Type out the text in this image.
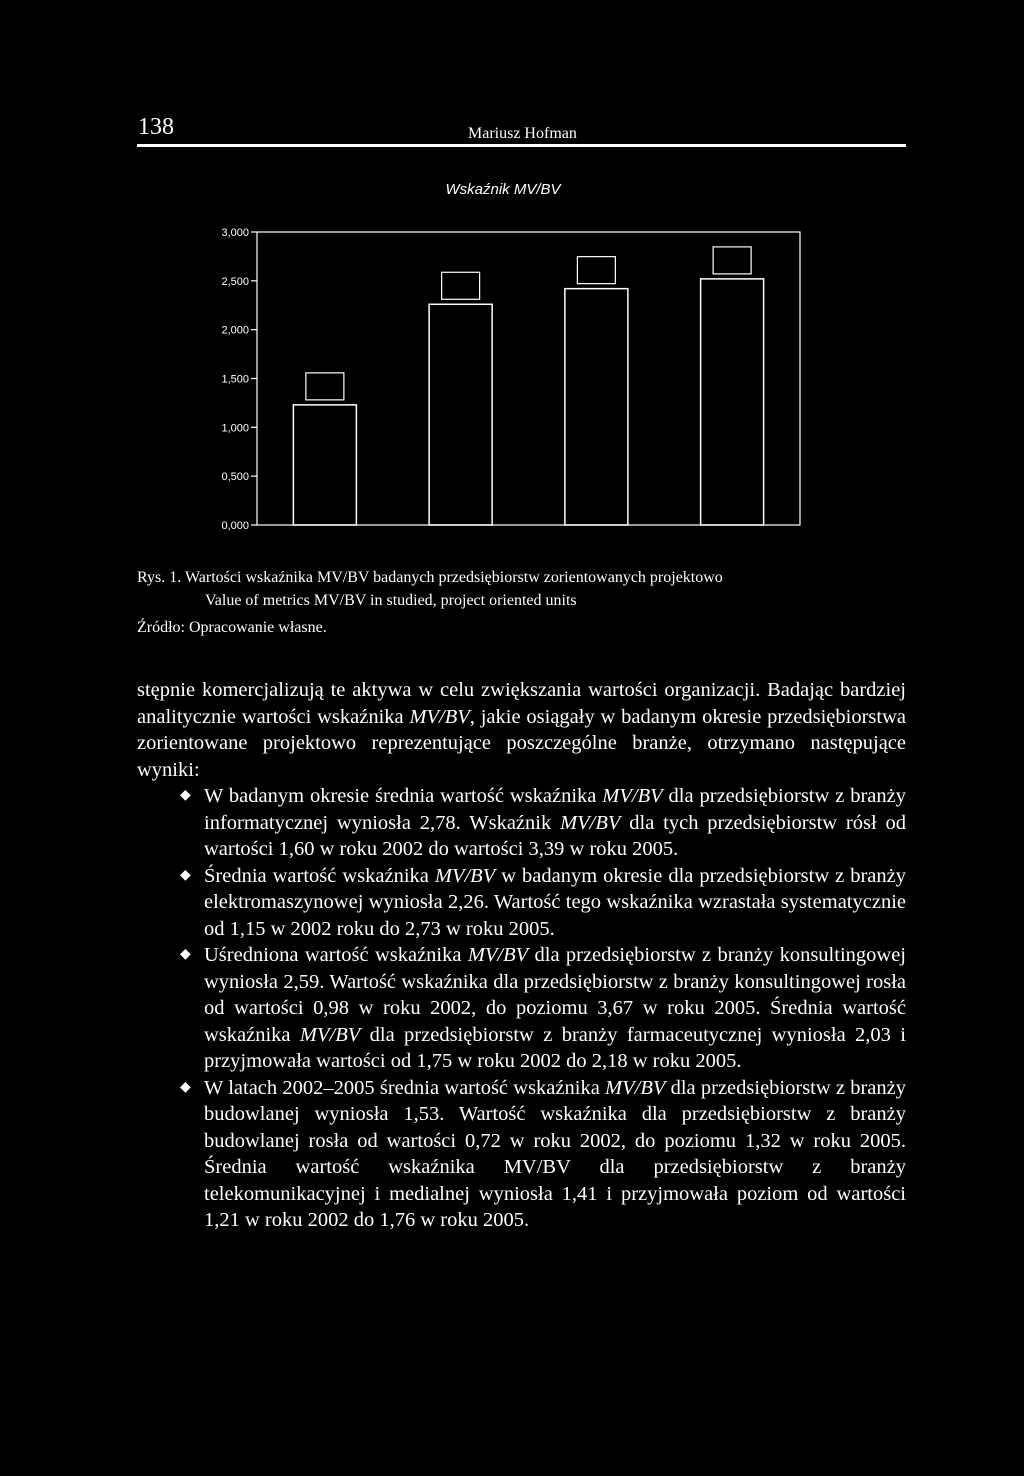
138	Mariusz Hofman
Wskaźnik MV/BV
0,000
0,500
1,000
1,500
2,000
2,500
3,000
Rys. 1. Wartości wskaźnika MV/BV badanych przedsiębiorstw zorientowanych projektowo
Value of metrics MV/BV in studied, project oriented units
Źródło: Opracowanie własne.

stępnie komercjalizują te aktywa w celu zwiększania wartości organizacji. Badając bardziej analitycznie wartości wskaźnika MV/BV, jakie osiągały w badanym okresie przedsiębiorstwa zorientowane projektowo reprezentujące poszczególne branże, otrzymano następujące wyniki:

◆ W badanym okresie średnia wartość wskaźnika MV/BV dla przedsiębiorstw z branży informatycznej wyniosła 2,78. Wskaźnik MV/BV dla tych przedsiębiorstw rósł od wartości 1,60 w roku 2002 do wartości 3,39 w roku 2005.
◆ Średnia wartość wskaźnika MV/BV w badanym okresie dla przedsiębiorstw z branży elektromaszynowej wyniosła 2,26. Wartość tego wskaźnika wzrastała systematycznie od 1,15 w 2002 roku do 2,73 w roku 2005.
◆ Uśredniona wartość wskaźnika MV/BV dla przedsiębiorstw z branży konsultingowej wyniosła 2,59. Wartość wskaźnika dla przedsiębiorstw z branży konsultingowej rosła od wartości 0,98 w roku 2002, do poziomu 3,67 w roku 2005. Średnia wartość wskaźnika MV/BV dla przedsiębiorstw z branży farmaceutycznej wyniosła 2,03 i przyjmowała wartości od 1,75 w roku 2002 do 2,18 w roku 2005.
◆ W latach 2002–2005 średnia wartość wskaźnika MV/BV dla przedsiębiorstw z branży budowlanej wyniosła 1,53. Wartość wskaźnika dla przedsiębiorstw z branży budowlanej rosła od wartości 0,72 w roku 2002, do poziomu 1,32 w roku 2005. Średnia wartość wskaźnika MV/BV dla przedsiębiorstw z branży telekomunikacyjnej i medialnej wyniosła 1,41 i przyjmowała poziom od wartości 1,21 w roku 2002 do 1,76 w roku 2005.
